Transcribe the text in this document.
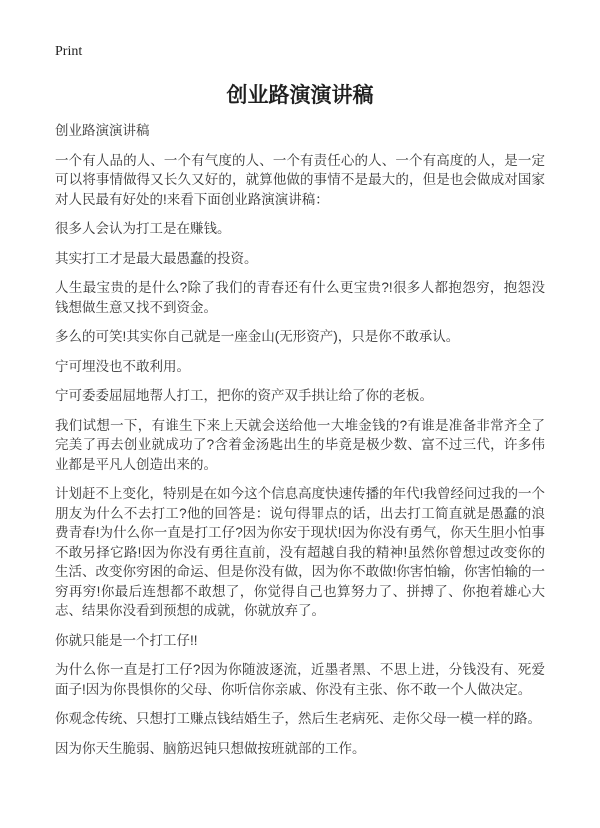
Print
创业路演演讲稿

创业路演演讲稿

一个有人品的人、一个有气度的人、一个有责任心的人、一个有高度的人，是一定可以将事情做得又长久又好的，就算他做的事情不是最大的，但是也会做成对国家对人民最有好处的!来看下面创业路演演讲稿：

很多人会认为打工是在赚钱。

其实打工才是最大最愚蠢的投资。

人生最宝贵的是什么?除了我们的青春还有什么更宝贵?!很多人都抱怨穷，抱怨没钱想做生意又找不到资金。

多么的可笑!其实你自己就是一座金山(无形资产)，只是你不敢承认。

宁可埋没也不敢利用。

宁可委委屈屈地帮人打工，把你的资产双手拱让给了你的老板。

我们试想一下，有谁生下来上天就会送给他一大堆金钱的?有谁是准备非常齐全了完美了再去创业就成功了?含着金汤匙出生的毕竟是极少数、富不过三代，许多伟业都是平凡人创造出来的。

计划赶不上变化，特别是在如今这个信息高度快速传播的年代!我曾经问过我的一个朋友为什么不去打工?他的回答是：说句得罪点的话，出去打工简直就是愚蠢的浪费青春!为什么你一直是打工仔?因为你安于现状!因为你没有勇气，你天生胆小怕事不敢另择它路!因为你没有勇往直前，没有超越自我的精神!虽然你曾想过改变你的生活、改变你穷困的命运、但是你没有做，因为你不敢做!你害怕输，你害怕输的一穷再穷!你最后连想都不敢想了，你觉得自己也算努力了、拼搏了、你抱着雄心大志、结果你没看到预想的成就，你就放弃了。

你就只能是一个打工仔!!

为什么你一直是打工仔?因为你随波逐流，近墨者黑、不思上进，分钱没有、死爱面子!因为你畏惧你的父母、你听信你亲戚、你没有主张、你不敢一个人做决定。

你观念传统、只想打工赚点钱结婚生子，然后生老病死、走你父母一模一样的路。

因为你天生脆弱、脑筋迟钝只想做按班就部的工作。
